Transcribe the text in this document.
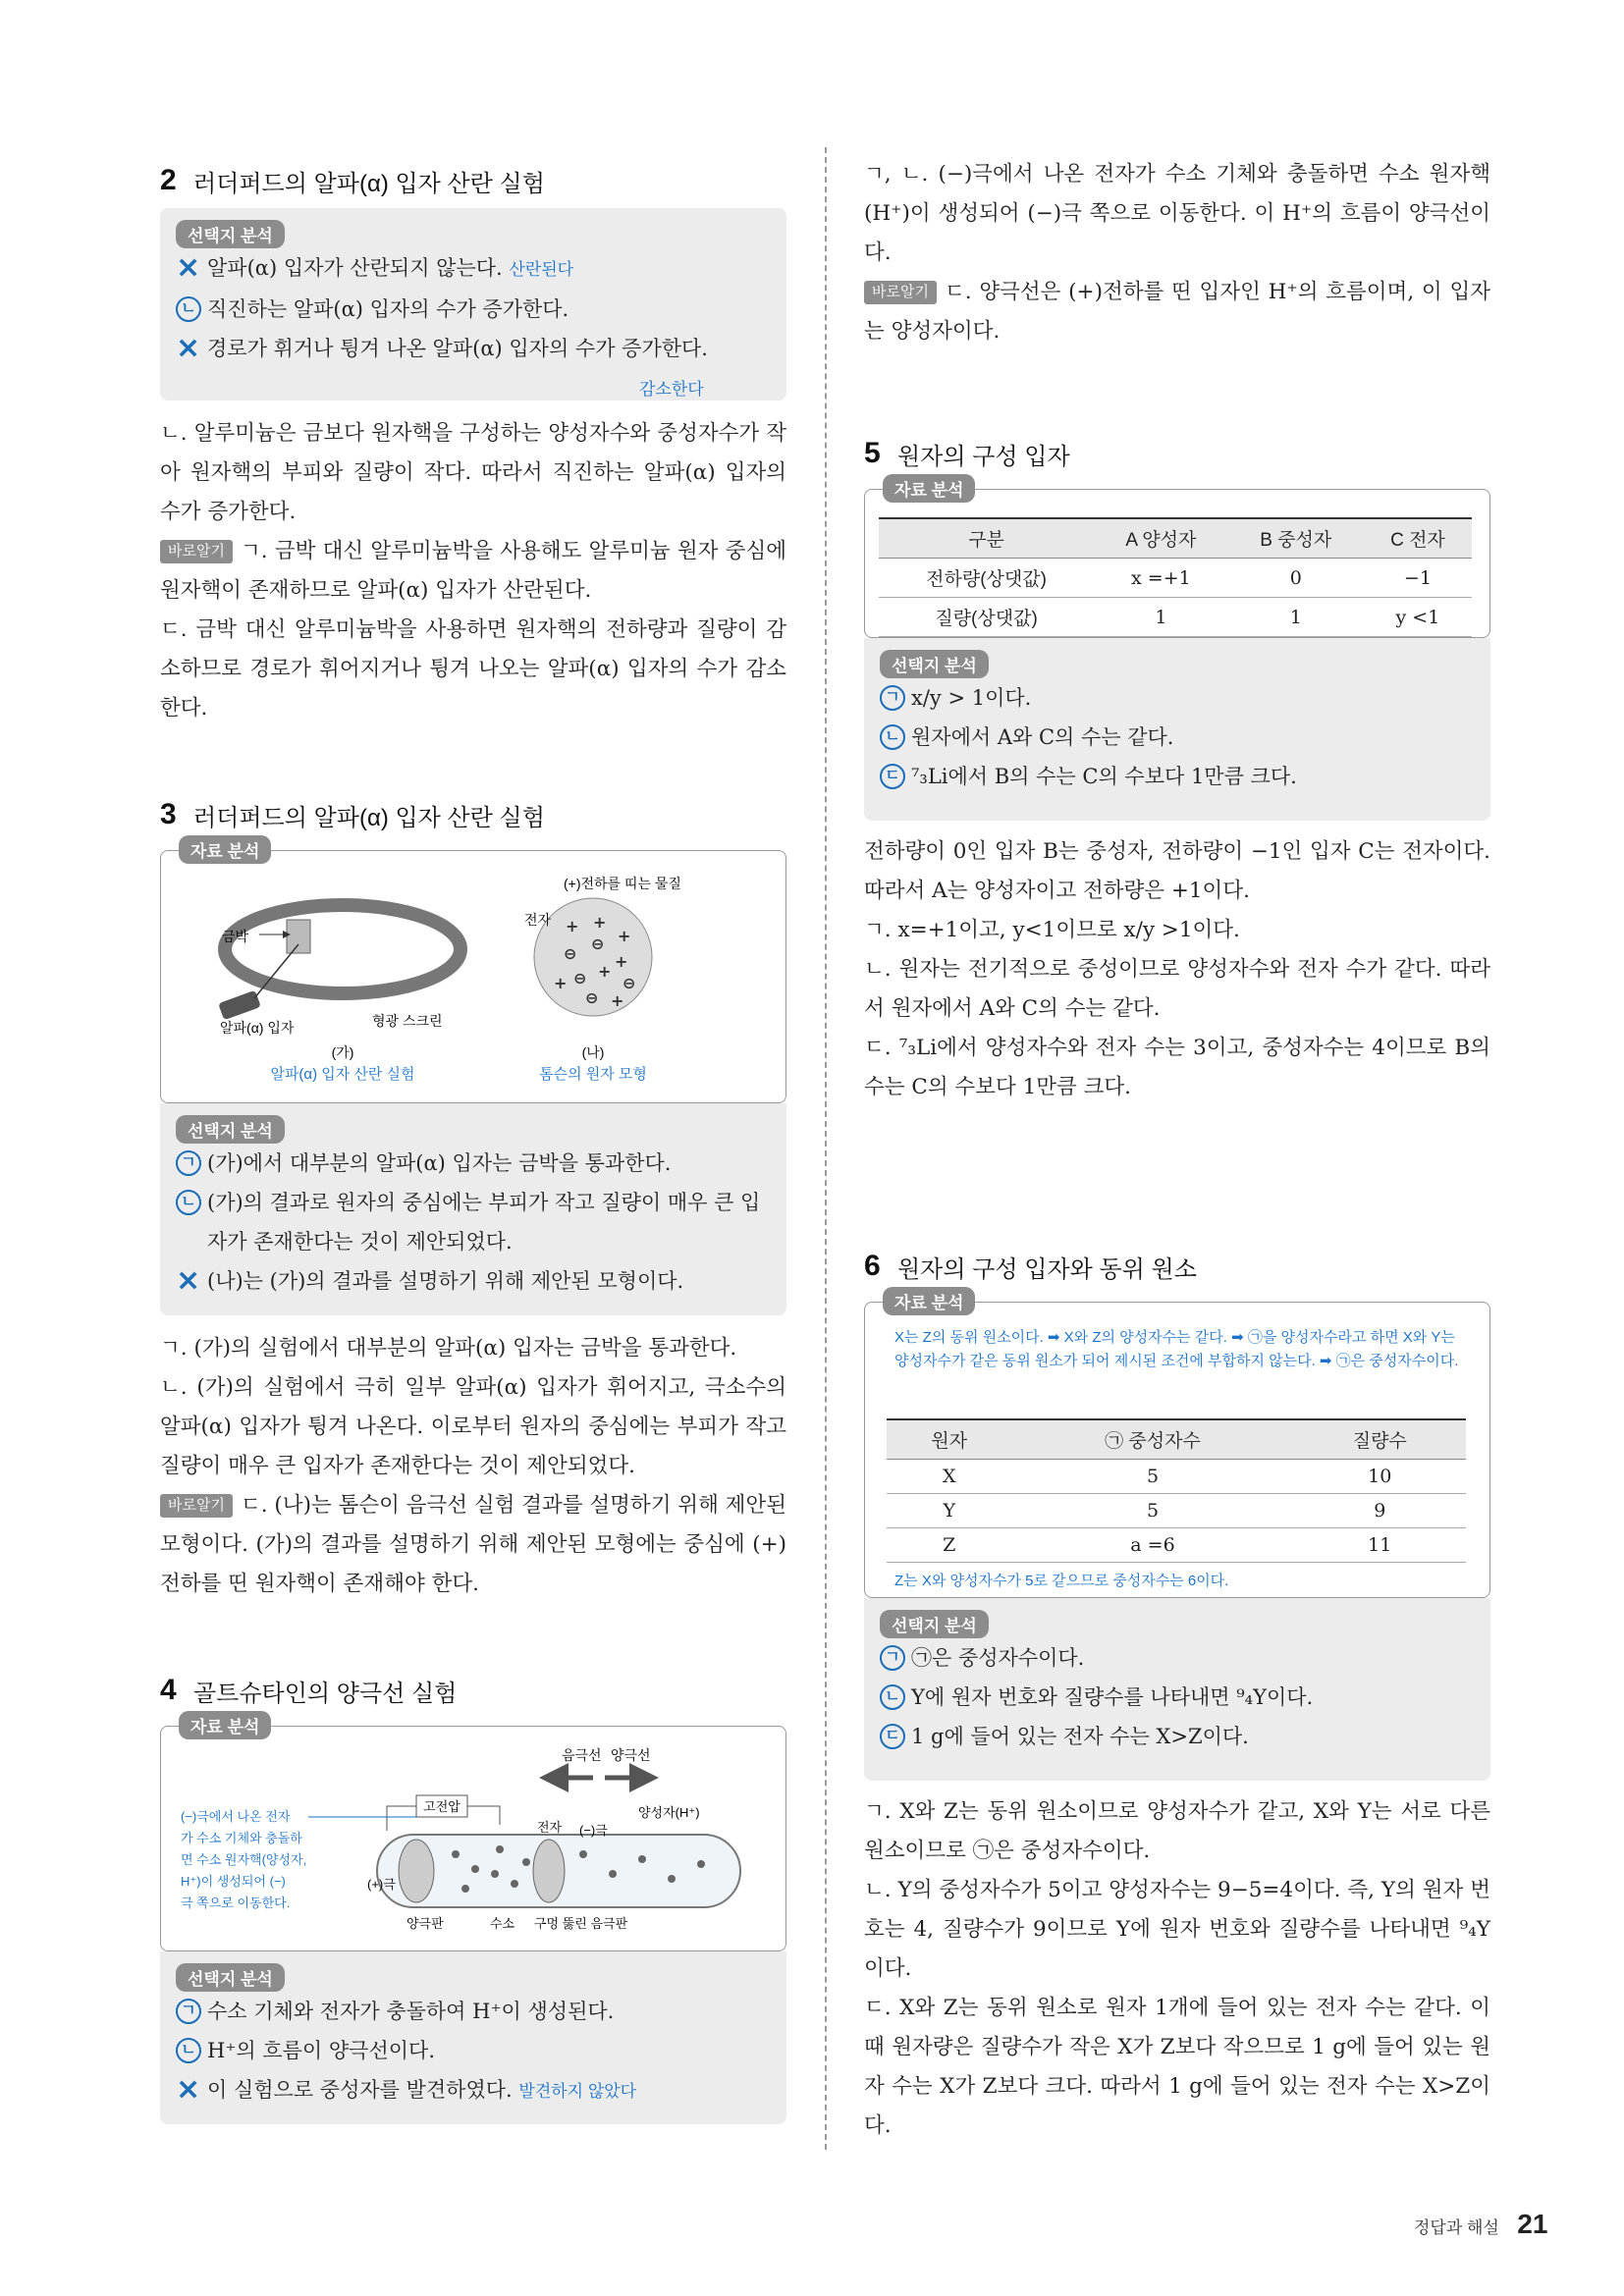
2 러더퍼드의 알파(α) 입자 산란 실험
선택지 분석
× 알파(α) 입자가 산란되지 않는다. 산란된다
ㄴ 직진하는 알파(α) 입자의 수가 증가한다.
× 경로가 휘거나 튕겨 나온 알파(α) 입자의 수가 증가한다.
감소한다

ㄴ. 알루미늄은 금보다 원자핵을 구성하는 양성자수와 중성자수가 작아 원자핵의 부피와 질량이 작다. 따라서 직진하는 알파(α) 입자의 수가 증가한다.

바로알기 ㄱ. 금박 대신 알루미늄박을 사용해도 알루미늄 원자 중심에 원자핵이 존재하므로 알파(α) 입자가 산란된다.

ㄷ. 금박 대신 알루미늄박을 사용하면 원자핵의 전하량과 질량이 감소하므로 경로가 휘어지거나 튕겨 나오는 알파(α) 입자의 수가 감소한다.

3 러더퍼드의 알파(α) 입자 산란 실험
자료 분석
금박
알파(α) 입자	형광 스크린
(가)
알파(α) 입자 산란 실험
+ +
+
⊖
⊖
+
⊖ +
⊖
⊖ +
+
전자
(+)전하를 띠는 물질
(나)
톰슨의 원자 모형
선택지 분석
ㄱ (가)에서 대부분의 알파(α) 입자는 금박을 통과한다.
ㄴ (가)의 결과로 원자의 중심에는 부피가 작고 질량이 매우 큰 입자가 존재한다는 것이 제안되었다.
× (나)는 (가)의 결과를 설명하기 위해 제안된 모형이다.

ㄱ. (가)의 실험에서 대부분의 알파(α) 입자는 금박을 통과한다.

ㄴ. (가)의 실험에서 극히 일부 알파(α) 입자가 휘어지고, 극소수의 알파(α) 입자가 튕겨 나온다. 이로부터 원자의 중심에는 부피가 작고 질량이 매우 큰 입자가 존재한다는 것이 제안되었다.

바로알기 ㄷ. (나)는 톰슨이 음극선 실험 결과를 설명하기 위해 제안된 모형이다. (가)의 결과를 설명하기 위해 제안된 모형에는 중심에 (+)전하를 띤 원자핵이 존재해야 한다.

4 골트슈타인의 양극선 실험
자료 분석
음극선 양극선
고전압
전자 (−)극
양성자(H⁺)
(+)극
양극판	수소 구멍 뚫린 음극판
(−)극에서 나온 전자
가 수소 기체와 충돌하
면 수소 원자핵(양성자,
H⁺)이 생성되어 (−)
극 쪽으로 이동한다.
선택지 분석
ㄱ 수소 기체와 전자가 충돌하여 H⁺이 생성된다.
ㄴ H⁺의 흐름이 양극선이다.
× 이 실험으로 중성자를 발견하였다. 발견하지 않았다

ㄱ, ㄴ. (−)극에서 나온 전자가 수소 기체와 충돌하면 수소 원자핵(H⁺)이 생성되어 (−)극 쪽으로 이동한다. 이 H⁺의 흐름이 양극선이다.

바로알기 ㄷ. 양극선은 (+)전하를 띤 입자인 H⁺의 흐름이며, 이 입자는 양성자이다.

5 원자의 구성 입자
자료 분석
구분	A 양성자	B 중성자	C 전자
전하량(상댓값)	x =+1	0	−1
질량(상댓값)	1	1	y <1
선택지 분석
ㄱ x/y > 1이다.
ㄴ 원자에서 A와 C의 수는 같다.
ㄷ ⁷₃Li에서 B의 수는 C의 수보다 1만큼 크다.

전하량이 0인 입자 B는 중성자, 전하량이 −1인 입자 C는 전자이다. 따라서 A는 양성자이고 전하량은 +1이다.

ㄱ. x=+1이고, y<1이므로 x/y >1이다.

ㄴ. 원자는 전기적으로 중성이므로 양성자수와 전자 수가 같다. 따라서 원자에서 A와 C의 수는 같다.

ㄷ. ⁷₃Li에서 양성자수와 전자 수는 3이고, 중성자수는 4이므로 B의 수는 C의 수보다 1만큼 크다.

6 원자의 구성 입자와 동위 원소
자료 분석
X는 Z의 동위 원소이다. ➡ X와 Z의 양성자수는 같다. ➡ ㉠을 양성자수라고 하면 X와 Y는 양성자수가 같은 동위 원소가 되어 제시된 조건에 부합하지 않는다. ➡ ㉠은 중성자수이다.
원자	㉠ 중성자수	질량수
X	5	10
Y	5	9
Z	a =6	11
Z는 X와 양성자수가 5로 같으므로 중성자수는 6이다.
선택지 분석
ㄱ ㉠은 중성자수이다.
ㄴ Y에 원자 번호와 질량수를 나타내면 ⁹₄Y이다.
ㄷ 1 g에 들어 있는 전자 수는 X>Z이다.

ㄱ. X와 Z는 동위 원소이므로 양성자수가 같고, X와 Y는 서로 다른 원소이므로 ㉠은 중성자수이다.

ㄴ. Y의 중성자수가 5이고 양성자수는 9−5=4이다. 즉, Y의 원자 번호는 4, 질량수가 9이므로 Y에 원자 번호와 질량수를 나타내면 ⁹₄Y이다.

ㄷ. X와 Z는 동위 원소로 원자 1개에 들어 있는 전자 수는 같다. 이때 원자량은 질량수가 작은 X가 Z보다 작으므로 1 g에 들어 있는 원자 수는 X가 Z보다 크다. 따라서 1 g에 들어 있는 전자 수는 X>Z이다.

정답과 해설 21
